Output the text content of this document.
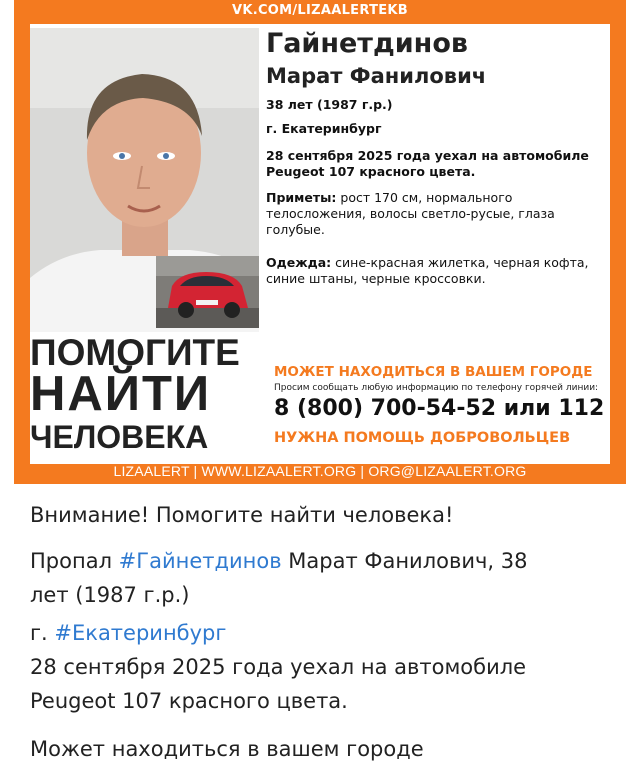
VK.COM/LIZAALERTEKB
Гайнетдинов
Марат Фанилович
38 лет (1987 г.р.)
г. Екатеринбург
28 сентября 2025 года уехал на автомобиле Peugeot 107 красного цвета.
Приметы: рост 170 см, нормального телосложения, волосы светло-русые, глаза голубые.
Одежда: сине-красная жилетка, черная кофта, синие штаны, черные кроссовки.
ПОМОГИТЕ
НАЙТИ
ЧЕЛОВЕКА
МОЖЕТ НАХОДИТЬСЯ В ВАШЕМ ГОРОДЕ
Просим сообщать любую информацию по телефону горячей линии:
8 (800) 700-54-52 или 112
НУЖНА ПОМОЩЬ ДОБРОВОЛЬЦЕВ
LIZAALERT | WWW.LIZAALERT.ORG | ORG@LIZAALERT.ORG
Внимание! Помогите найти человека!
Пропал #Гайнетдинов Марат Фанилович, 38
лет (1987 г.р.)
г. #Екатеринбург
28 сентября 2025 года уехал на автомобиле
Peugeot 107 красного цвета.
Может находиться в вашем городе
